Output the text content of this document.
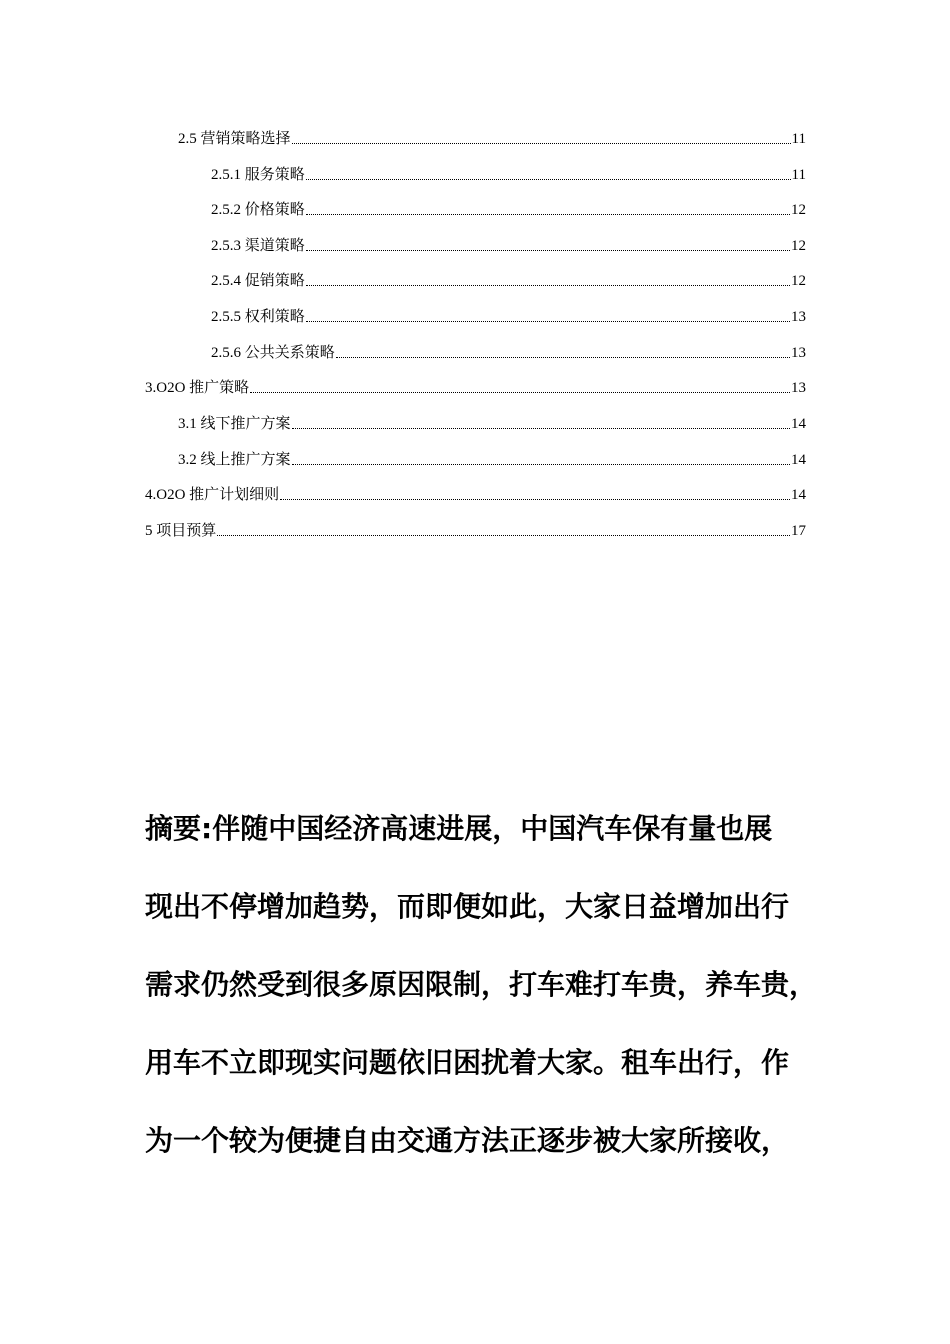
2.5 营销策略选择	11
2.5.1 服务策略	11
2.5.2 价格策略	12
2.5.3 渠道策略	12
2.5.4 促销策略	12
2.5.5 权利策略	13
2.5.6 公共关系策略	13
3.O2O 推广策略	13
3.1 线下推广方案	14
3.2 线上推广方案	14
4.O2O 推广计划细则	14
5 项目预算	17
摘要:伴随中国经济高速进展，中国汽车保有量也展
现出不停增加趋势，而即便如此，大家日益增加出行
需求仍然受到很多原因限制，打车难打车贵，养车贵，
用车不立即现实问题依旧困扰着大家。租车出行，作
为一个较为便捷自由交通方法正逐步被大家所接收，
